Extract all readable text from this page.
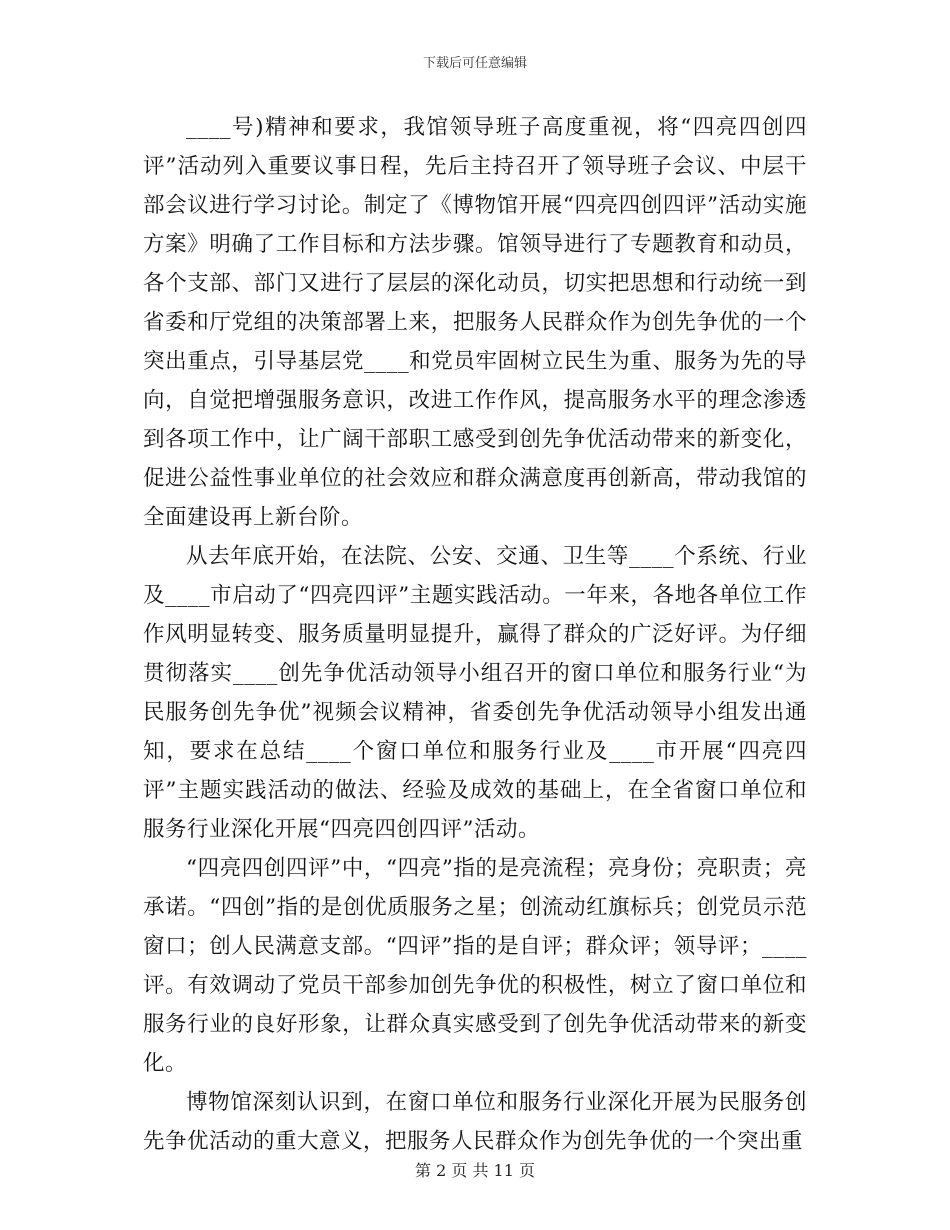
下载后可任意编辑

____号)精神和要求，我馆领导班子高度重视，将“四亮四创四评”活动列入重要议事日程，先后主持召开了领导班子会议、中层干部会议进行学习讨论。制定了《博物馆开展“四亮四创四评”活动实施方案》明确了工作目标和方法步骤。馆领导进行了专题教育和动员，各个支部、部门又进行了层层的深化动员，切实把思想和行动统一到省委和厅党组的决策部署上来，把服务人民群众作为创先争优的一个突出重点，引导基层党____和党员牢固树立民生为重、服务为先的导向，自觉把增强服务意识，改进工作作风，提高服务水平的理念渗透到各项工作中，让广阔干部职工感受到创先争优活动带来的新变化，促进公益性事业单位的社会效应和群众满意度再创新高，带动我馆的全面建设再上新台阶。

从去年底开始，在法院、公安、交通、卫生等____个系统、行业及____市启动了“四亮四评”主题实践活动。一年来，各地各单位工作作风明显转变、服务质量明显提升，赢得了群众的广泛好评。为仔细贯彻落实____创先争优活动领导小组召开的窗口单位和服务行业“为民服务创先争优”视频会议精神，省委创先争优活动领导小组发出通知，要求在总结____个窗口单位和服务行业及____市开展“四亮四评”主题实践活动的做法、经验及成效的基础上，在全省窗口单位和服务行业深化开展“四亮四创四评”活动。

“四亮四创四评”中，“四亮”指的是亮流程；亮身份；亮职责；亮承诺。“四创”指的是创优质服务之星；创流动红旗标兵；创党员示范窗口；创人民满意支部。“四评”指的是自评；群众评；领导评；____评。有效调动了党员干部参加创先争优的积极性，树立了窗口单位和服务行业的良好形象，让群众真实感受到了创先争优活动带来的新变化。

博物馆深刻认识到，在窗口单位和服务行业深化开展为民服务创先争优活动的重大意义，把服务人民群众作为创先争优的一个突出重

第 2 页 共 11 页
